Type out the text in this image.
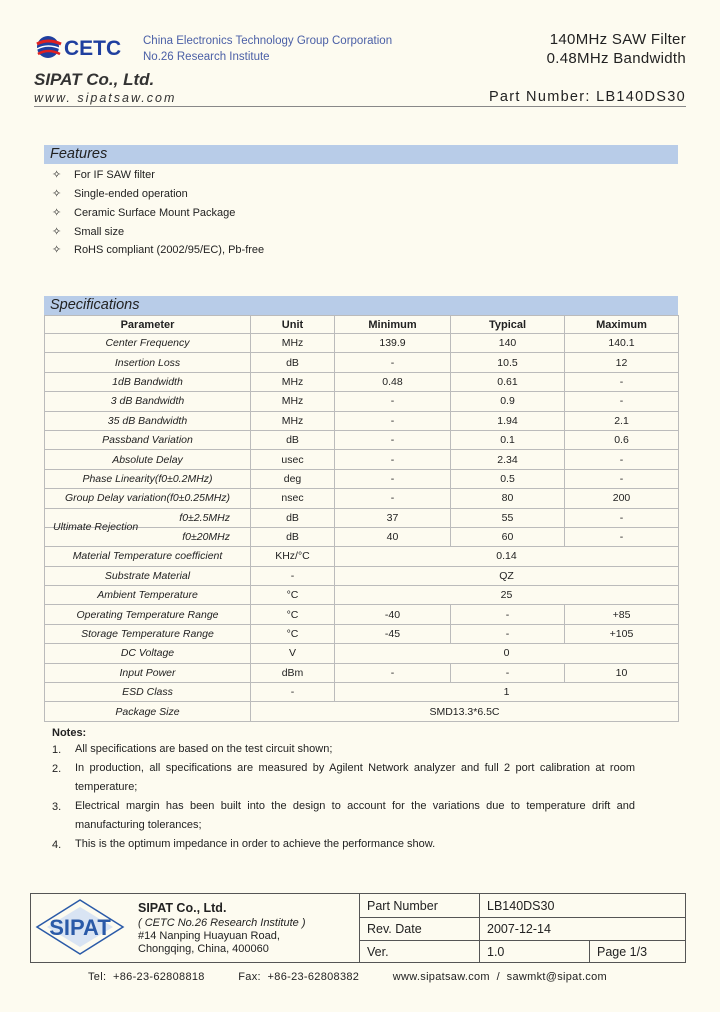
CETC China Electronics Technology Group Corporation
No.26 Research Institute
140MHz SAW Filter
0.48MHz Bandwidth
SIPAT Co., Ltd.
www. sipatsaw.com	Part Number: LB140DS30
Features
✧ For IF SAW filter
✧ Single-ended operation
✧ Ceramic Surface Mount Package
✧ Small size
✧ RoHS compliant (2002/95/EC), Pb-free
Specifications
Parameter	Unit	Minimum	Typical	Maximum
Center Frequency	MHz	139.9	140	140.1
Insertion Loss	dB	-	10.5	12
1dB Bandwidth	MHz	0.48	0.61	-
3 dB Bandwidth	MHz	-	0.9	-
35 dB Bandwidth	MHz	-	1.94	2.1
Passband Variation	dB	-	0.1	0.6
Absolute Delay	usec	-	2.34	-
Phase Linearity(f0±0.2MHz)	deg	-	0.5	-
Group Delay variation(f0±0.25MHz)	nsec	-	80	200

Ultimate Rejection
f0±2.5MHz	dB	37	55	-
f0±20MHz	dB	40	60	-
Material Temperature coefficient	KHz/°C	0.14		
Substrate Material	-	QZ		
Ambient Temperature	°C	25		
Operating Temperature Range	°C	-40	-	+85
Storage Temperature Range	°C	-45	-	+105
DC Voltage	V	0		
Input Power	dBm	-	-	10
ESD Class	-	1		
Package Size	SMD13.3*6.5C			
Notes:
1. All specifications are based on the test circuit shown;
2. In production, all specifications are measured by Agilent Network analyzer and full 2 port calibration at room temperature;
3. Electrical margin has been built into the design to account for the variations due to temperature drift and manufacturing tolerances;
4. This is the optimum impedance in order to achieve the performance show.
SIPAT
SIPAT Co., Ltd.
( CETC No.26 Research Institute )
#14 Nanping Huayuan Road,
Chongqing, China, 400060
Part Number	LB140DS30
Rev. Date	2007-12-14
Ver.	1.0	Page 1/3
Tel:  +86-23-62808818          Fax:  +86-23-62808382          www.sipatsaw.com  /  sawmkt@sipat.com
